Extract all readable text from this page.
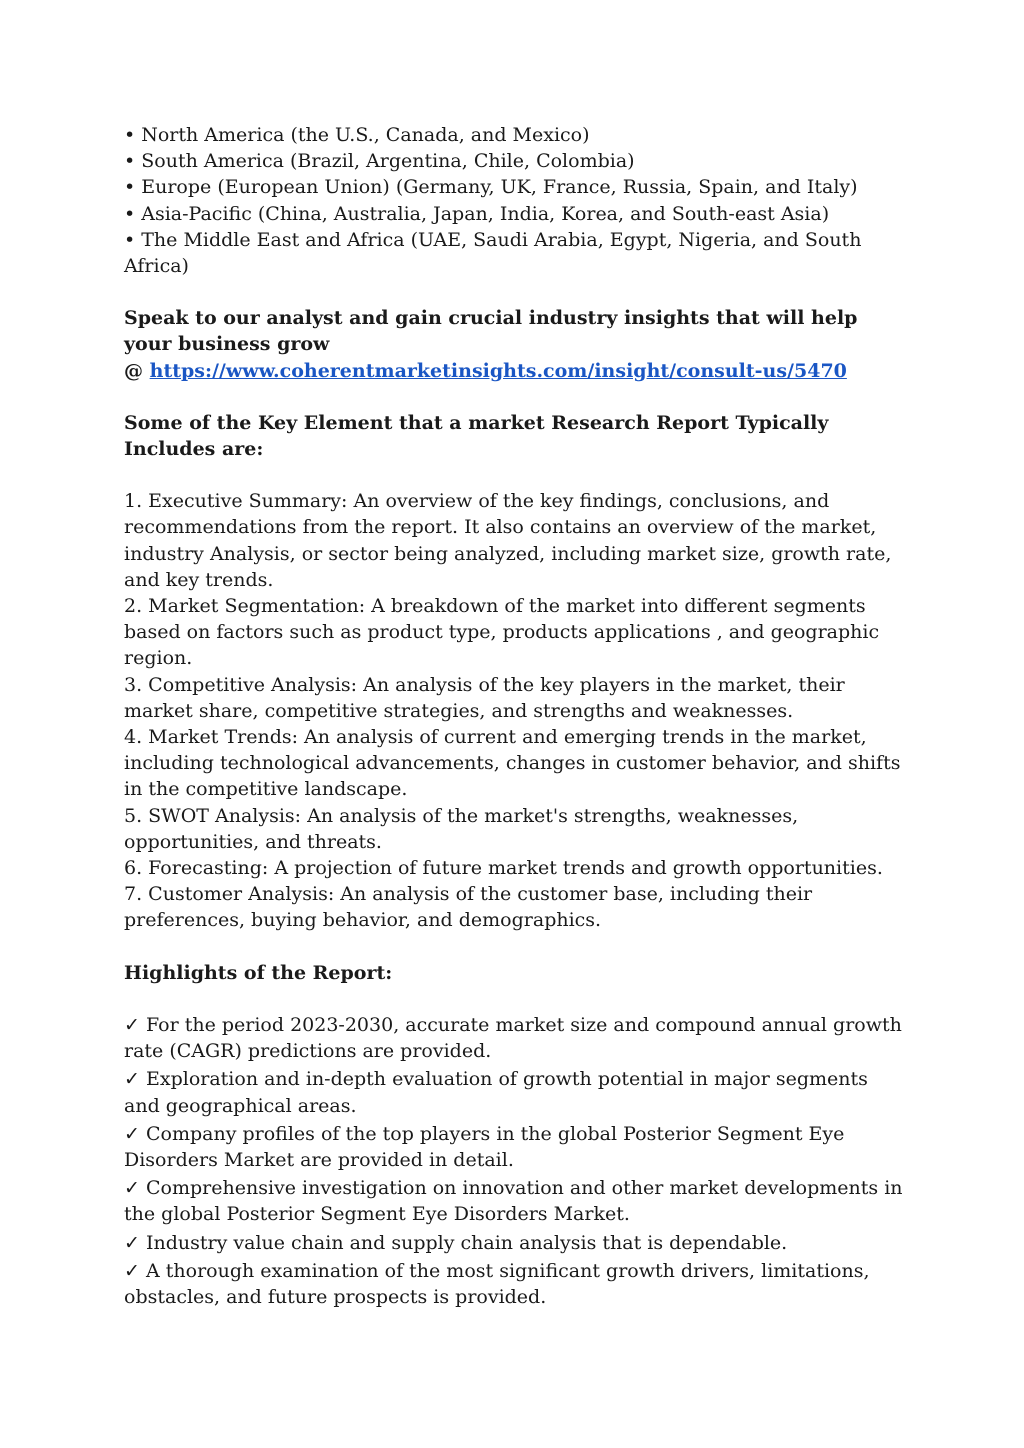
• North America (the U.S., Canada, and Mexico)

• South America (Brazil, Argentina, Chile, Colombia)

• Europe (European Union) (Germany, UK, France, Russia, Spain, and Italy)

• Asia-Pacific (China, Australia, Japan, India, Korea, and South-east Asia)

• The Middle East and Africa (UAE, Saudi Arabia, Egypt, Nigeria, and South Africa)

Speak to our analyst and gain crucial industry insights that will help your business grow

@ https://www.coherentmarketinsights.com/insight/consult-us/5470

Some of the Key Element that a market Research Report Typically Includes are:

1. Executive Summary: An overview of the key findings, conclusions, and recommendations from the report. It also contains an overview of the market, industry Analysis, or sector being analyzed, including market size, growth rate, and key trends.

2. Market Segmentation: A breakdown of the market into different segments based on factors such as product type, products applications , and geographic region.

3. Competitive Analysis: An analysis of the key players in the market, their market share, competitive strategies, and strengths and weaknesses.

4. Market Trends: An analysis of current and emerging trends in the market, including technological advancements, changes in customer behavior, and shifts in the competitive landscape.

5. SWOT Analysis: An analysis of the market's strengths, weaknesses, opportunities, and threats.

6. Forecasting: A projection of future market trends and growth opportunities.

7. Customer Analysis: An analysis of the customer base, including their preferences, buying behavior, and demographics.

Highlights of the Report:

✓ For the period 2023-2030, accurate market size and compound annual growth rate (CAGR) predictions are provided.

✓ Exploration and in-depth evaluation of growth potential in major segments and geographical areas.

✓ Company profiles of the top players in the global Posterior Segment Eye Disorders Market are provided in detail.

✓ Comprehensive investigation on innovation and other market developments in the global Posterior Segment Eye Disorders Market.

✓ Industry value chain and supply chain analysis that is dependable.

✓ A thorough examination of the most significant growth drivers, limitations, obstacles, and future prospects is provided.
